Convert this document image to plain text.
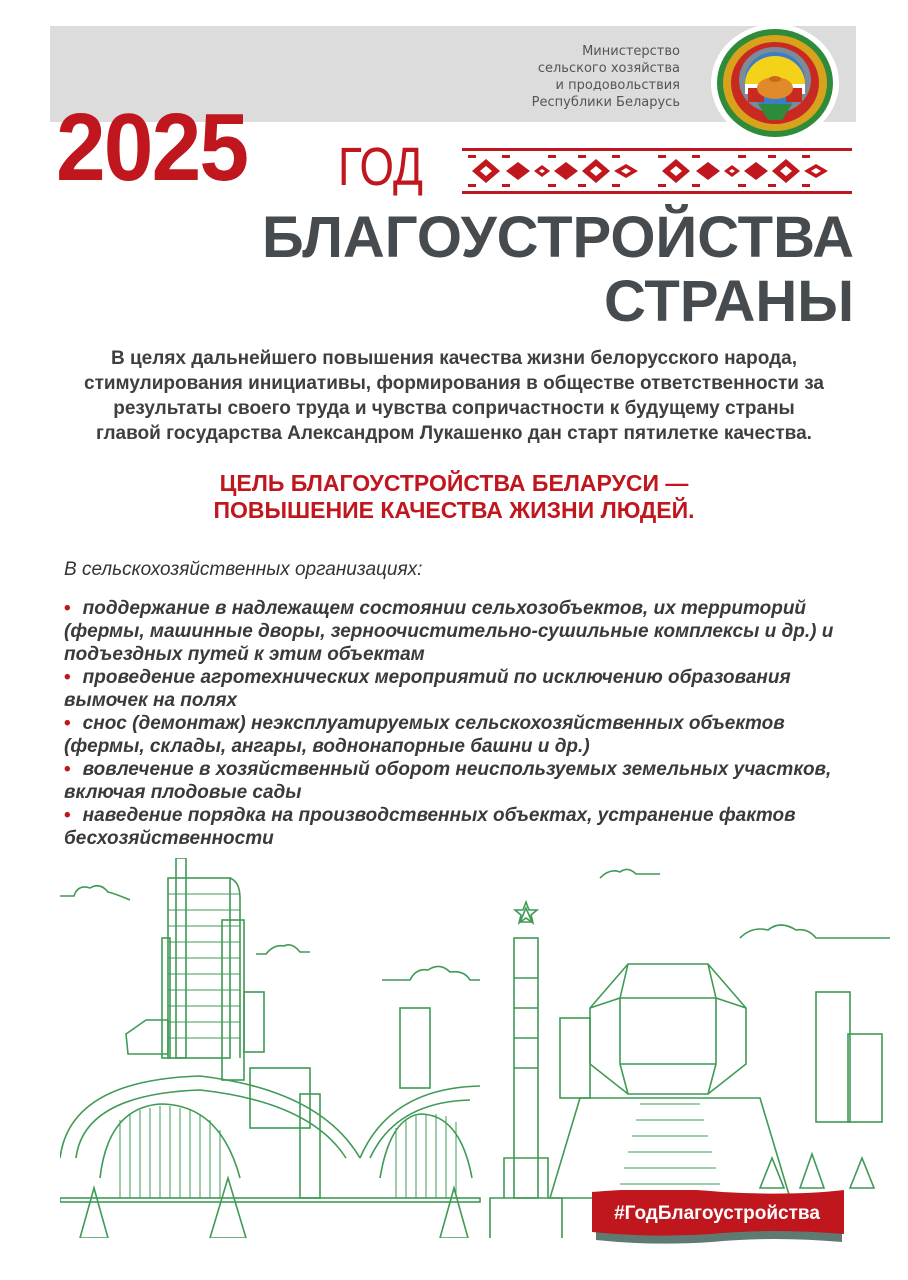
Министерство
сельского хозяйства
и продовольствия
Республики Беларусь
2025 ГОД
БЛАГОУСТРОЙСТВА
СТРАНЫ
В целях дальнейшего повышения качества жизни белорусского народа,
стимулирования инициативы, формирования в обществе ответственности за
результаты своего труда и чувства сопричастности к будущему страны
главой государства Александром Лукашенко дан старт пятилетке качества.
ЦЕЛЬ БЛАГОУСТРОЙСТВА БЕЛАРУСИ —
ПОВЫШЕНИЕ КАЧЕСТВА ЖИЗНИ ЛЮДЕЙ.
В сельскохозяйственных организациях:
• поддержание в надлежащем состоянии сельхозобъектов, их территорий
(фермы, машинные дворы, зерноочистительно-сушильные комплексы и др.) и
подъездных путей к этим объектам
• проведение агротехнических мероприятий по исключению образования
вымочек на полях
• снос (демонтаж) неэксплуатируемых сельскохозяйственных объектов
(фермы, склады, ангары, воднонапорные башни и др.)
• вовлечение в хозяйственный оборот неиспользуемых земельных участков,
включая плодовые сады
• наведение порядка на производственных объектах, устранение фактов
бесхозяйственности
#ГодБлагоустройства
